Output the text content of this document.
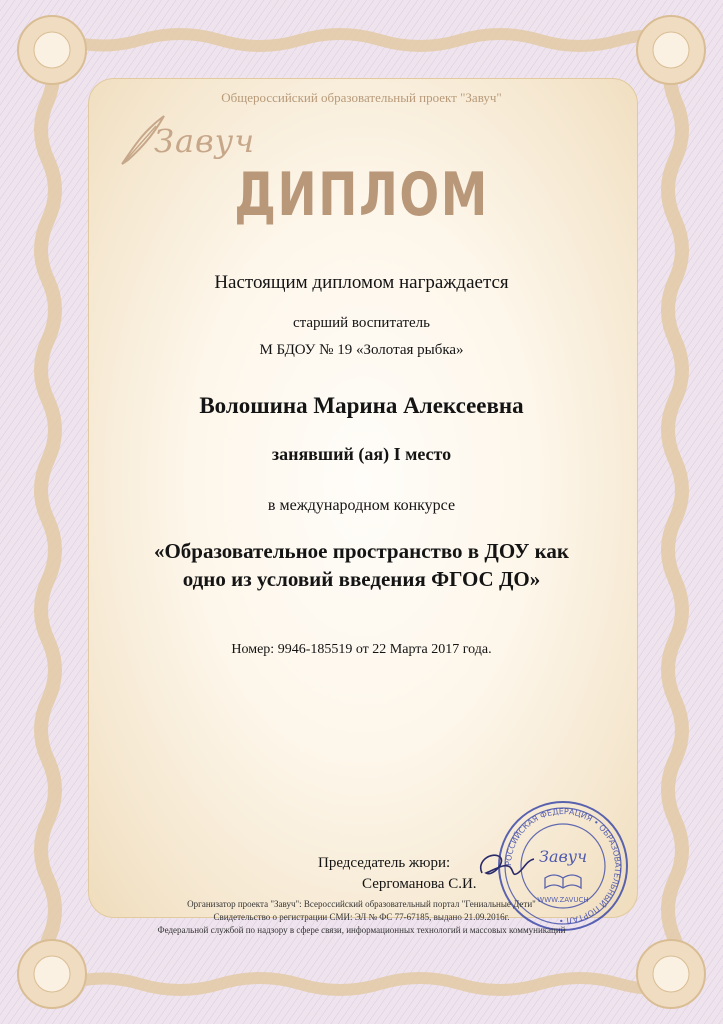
Общероссийский образовательный проект "Завуч"
Завуч
ДИПЛОМ
Настоящим дипломом награждается
старший воспитатель
М БДОУ № 19 «Золотая рыбка»
Волошина Марина Алексеевна
занявший (ая) I место
в международном конкурсе
«Образовательное пространство в ДОУ как
одно из условий введения ФГОС ДО»
Номер: 9946-185519 от 22 Марта 2017 года.
Председатель жюри:
Сергоманова С.И.
РОССИЙСКАЯ ФЕДЕРАЦИЯ • ОБРАЗОВАТЕЛЬНЫЙ ПОРТАЛ •
Завуч
WWW.ZAVUCH
Организатор проекта "Завуч": Всероссийский образовательный портал "Гениальные Дети"
Свидетельство о регистрации СМИ: ЭЛ № ФС 77-67185, выдано 21.09.2016г.
Федеральной службой по надзору в сфере связи, информационных технологий и массовых коммуникаций
